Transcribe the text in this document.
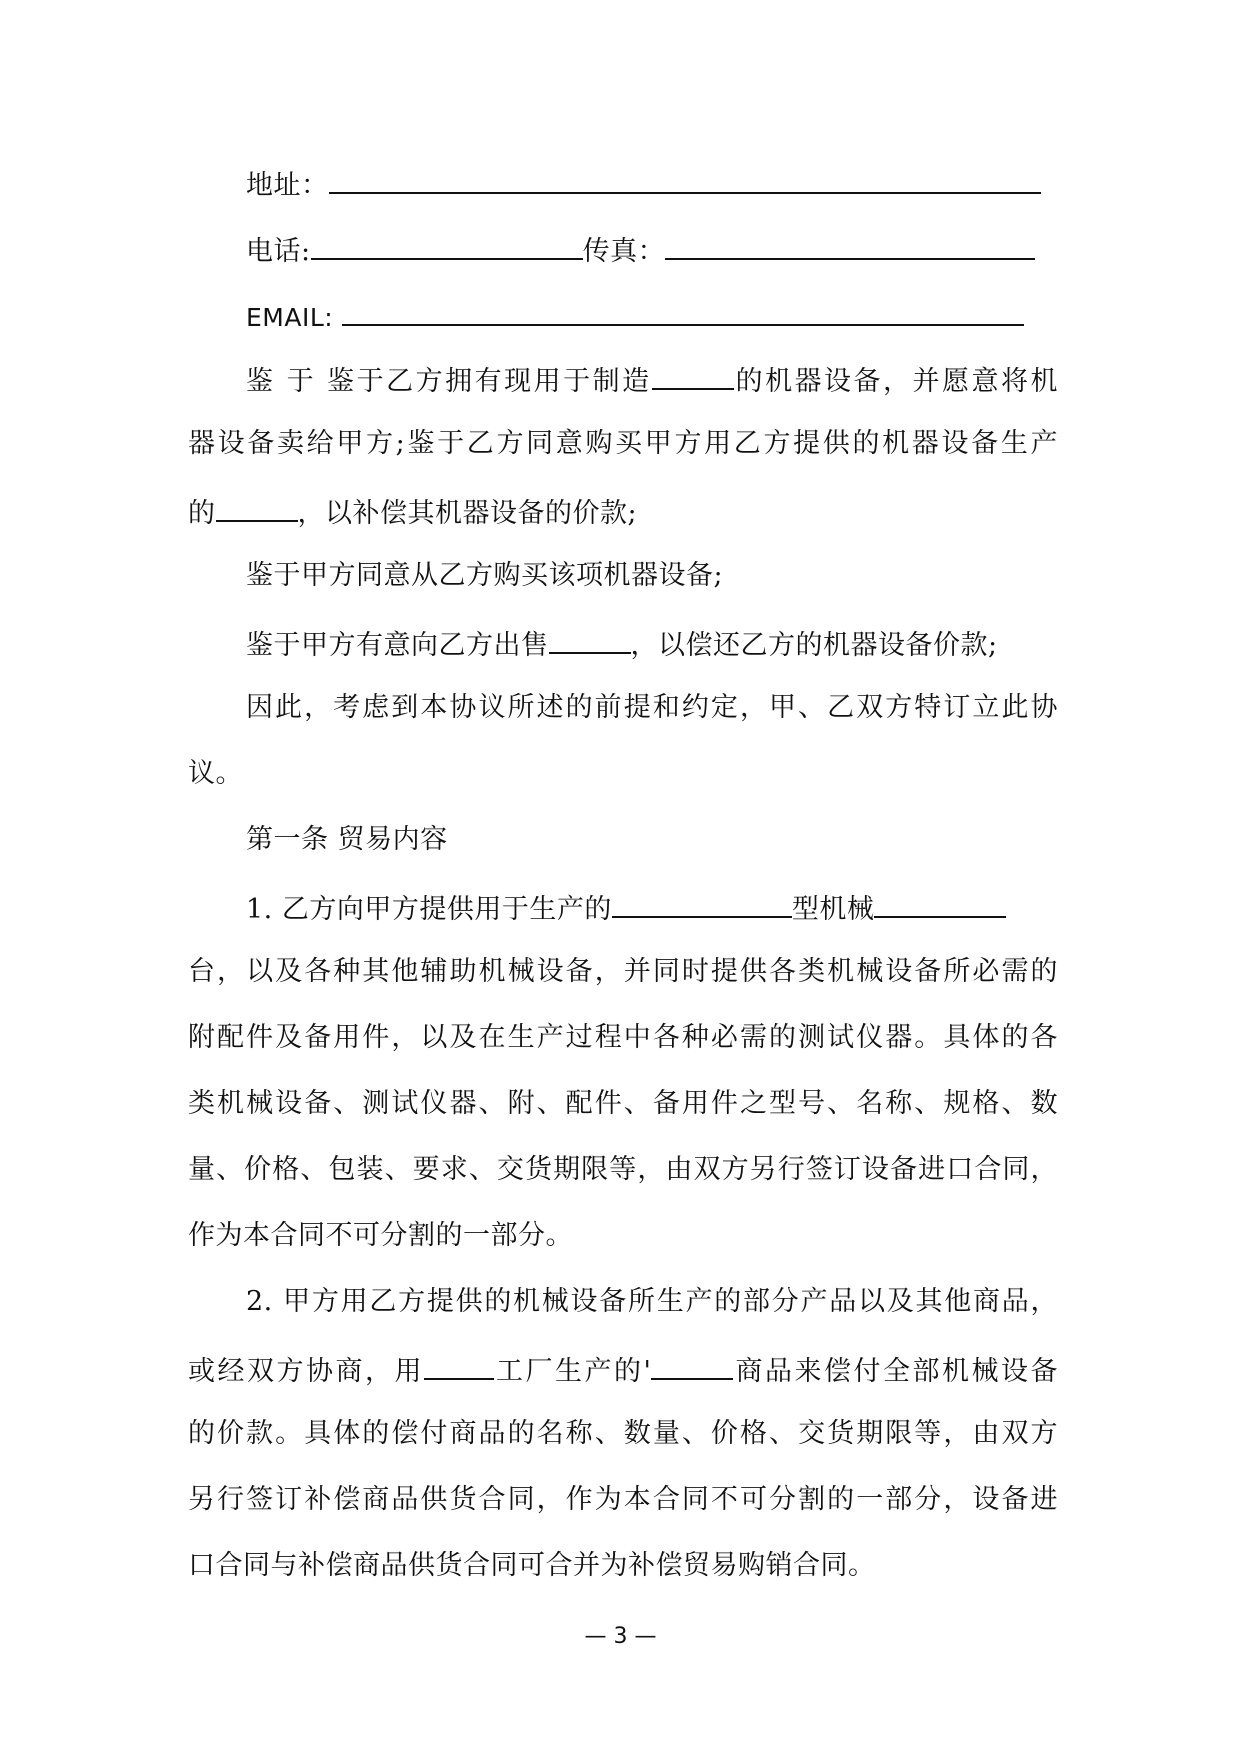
地址：
电话:	传真：
EMAIL:
鉴 于 鉴于乙方拥有现用于制造	的机器设备，并愿意将机
器设备卖给甲方;鉴于乙方同意购买甲方用乙方提供的机器设备生产
的	，以补偿其机器设备的价款;
鉴于甲方同意从乙方购买该项机器设备;
鉴于甲方有意向乙方出售	，以偿还乙方的机器设备价款;
因此，考虑到本协议所述的前提和约定，甲、乙双方特订立此协
议。
第一条 贸易内容
1. 乙方向甲方提供用于生产的	型机械
台，以及各种其他辅助机械设备，并同时提供各类机械设备所必需的
附配件及备用件，以及在生产过程中各种必需的测试仪器。具体的各
类机械设备、测试仪器、附、配件、备用件之型号、名称、规格、数
量、价格、包装、要求、交货期限等，由双方另行签订设备进口合同，
作为本合同不可分割的一部分。
2. 甲方用乙方提供的机械设备所生产的部分产品以及其他商品，
或经双方协商，用	工厂生产的'	商品来偿付全部机械设备
的价款。具体的偿付商品的名称、数量、价格、交货期限等，由双方
另行签订补偿商品供货合同，作为本合同不可分割的一部分，设备进
口合同与补偿商品供货合同可合并为补偿贸易购销合同。
— 3 —
